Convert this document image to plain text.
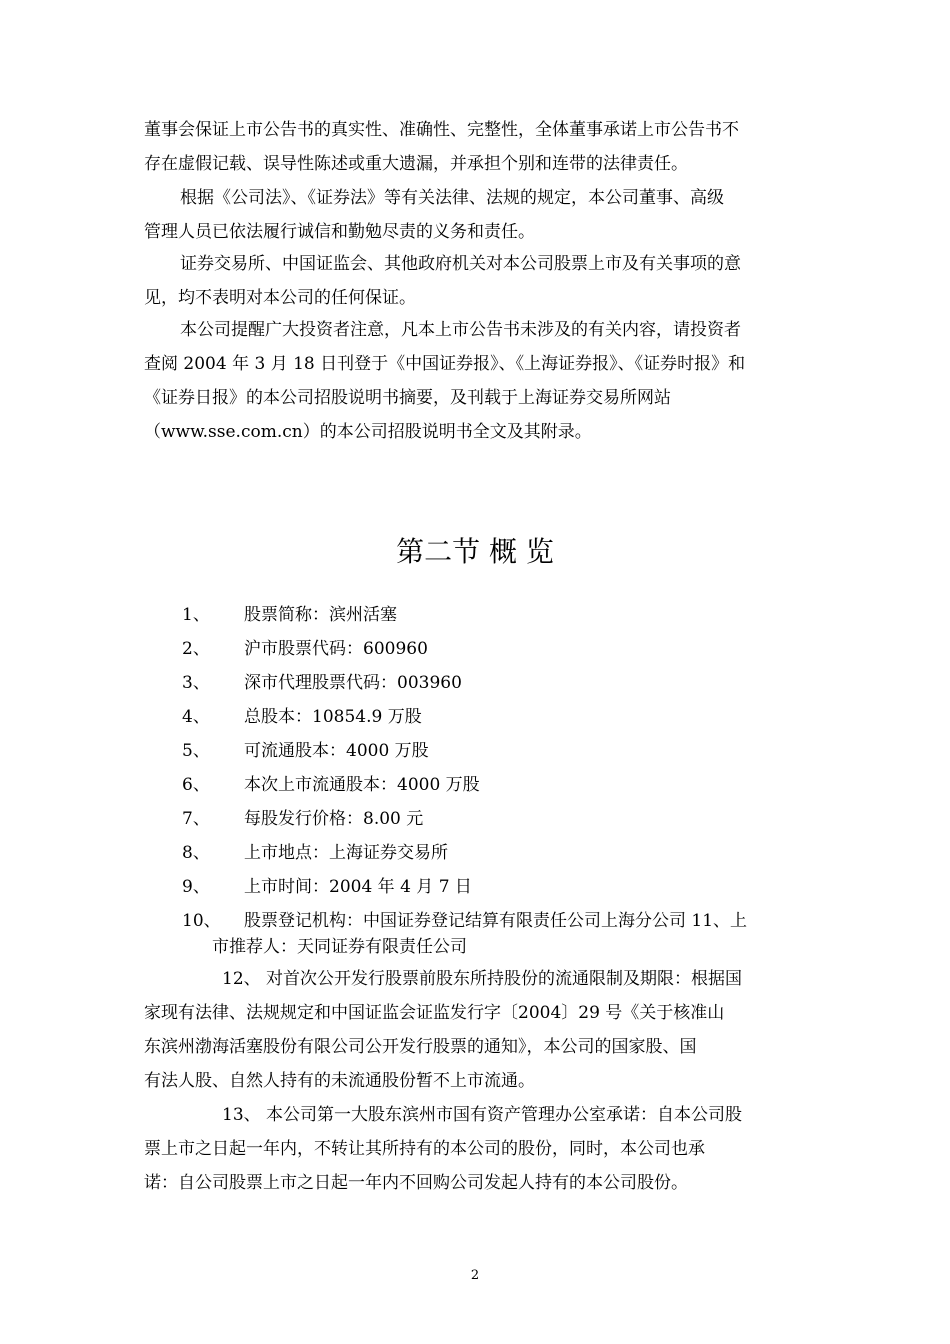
董事会保证上市公告书的真实性、准确性、完整性，全体董事承诺上市公告书不
存在虚假记载、误导性陈述或重大遗漏，并承担个别和连带的法律责任。
根据《公司法》、《证券法》等有关法律、法规的规定，本公司董事、高级
管理人员已依法履行诚信和勤勉尽责的义务和责任。
证券交易所、中国证监会、其他政府机关对本公司股票上市及有关事项的意
见，均不表明对本公司的任何保证。
本公司提醒广大投资者注意，凡本上市公告书未涉及的有关内容，请投资者
查阅 2004 年 3 月 18 日刊登于《中国证券报》、《上海证券报》、《证券时报》和
《证券日报》的本公司招股说明书摘要，及刊载于上海证券交易所网站
（www.sse.com.cn）的本公司招股说明书全文及其附录。
第二节 概 览
1、 股票简称：滨州活塞
2、 沪市股票代码：600960
3、 深市代理股票代码：003960
4、 总股本：10854.9 万股
5、 可流通股本：4000 万股
6、 本次上市流通股本：4000 万股
7、 每股发行价格：8.00 元
8、 上市地点：上海证券交易所
9、 上市时间：2004 年 4 月 7 日
10、 股票登记机构：中国证券登记结算有限责任公司上海分公司 11、上
市推荐人：天同证券有限责任公司
12、 对首次公开发行股票前股东所持股份的流通限制及期限：根据国
家现有法律、法规规定和中国证监会证监发行字〔2004〕29 号《关于核准山
东滨州渤海活塞股份有限公司公开发行股票的通知》，本公司的国家股、国
有法人股、自然人持有的未流通股份暂不上市流通。
13、 本公司第一大股东滨州市国有资产管理办公室承诺：自本公司股
票上市之日起一年内，不转让其所持有的本公司的股份，同时，本公司也承
诺：自公司股票上市之日起一年内不回购公司发起人持有的本公司股份。
2
